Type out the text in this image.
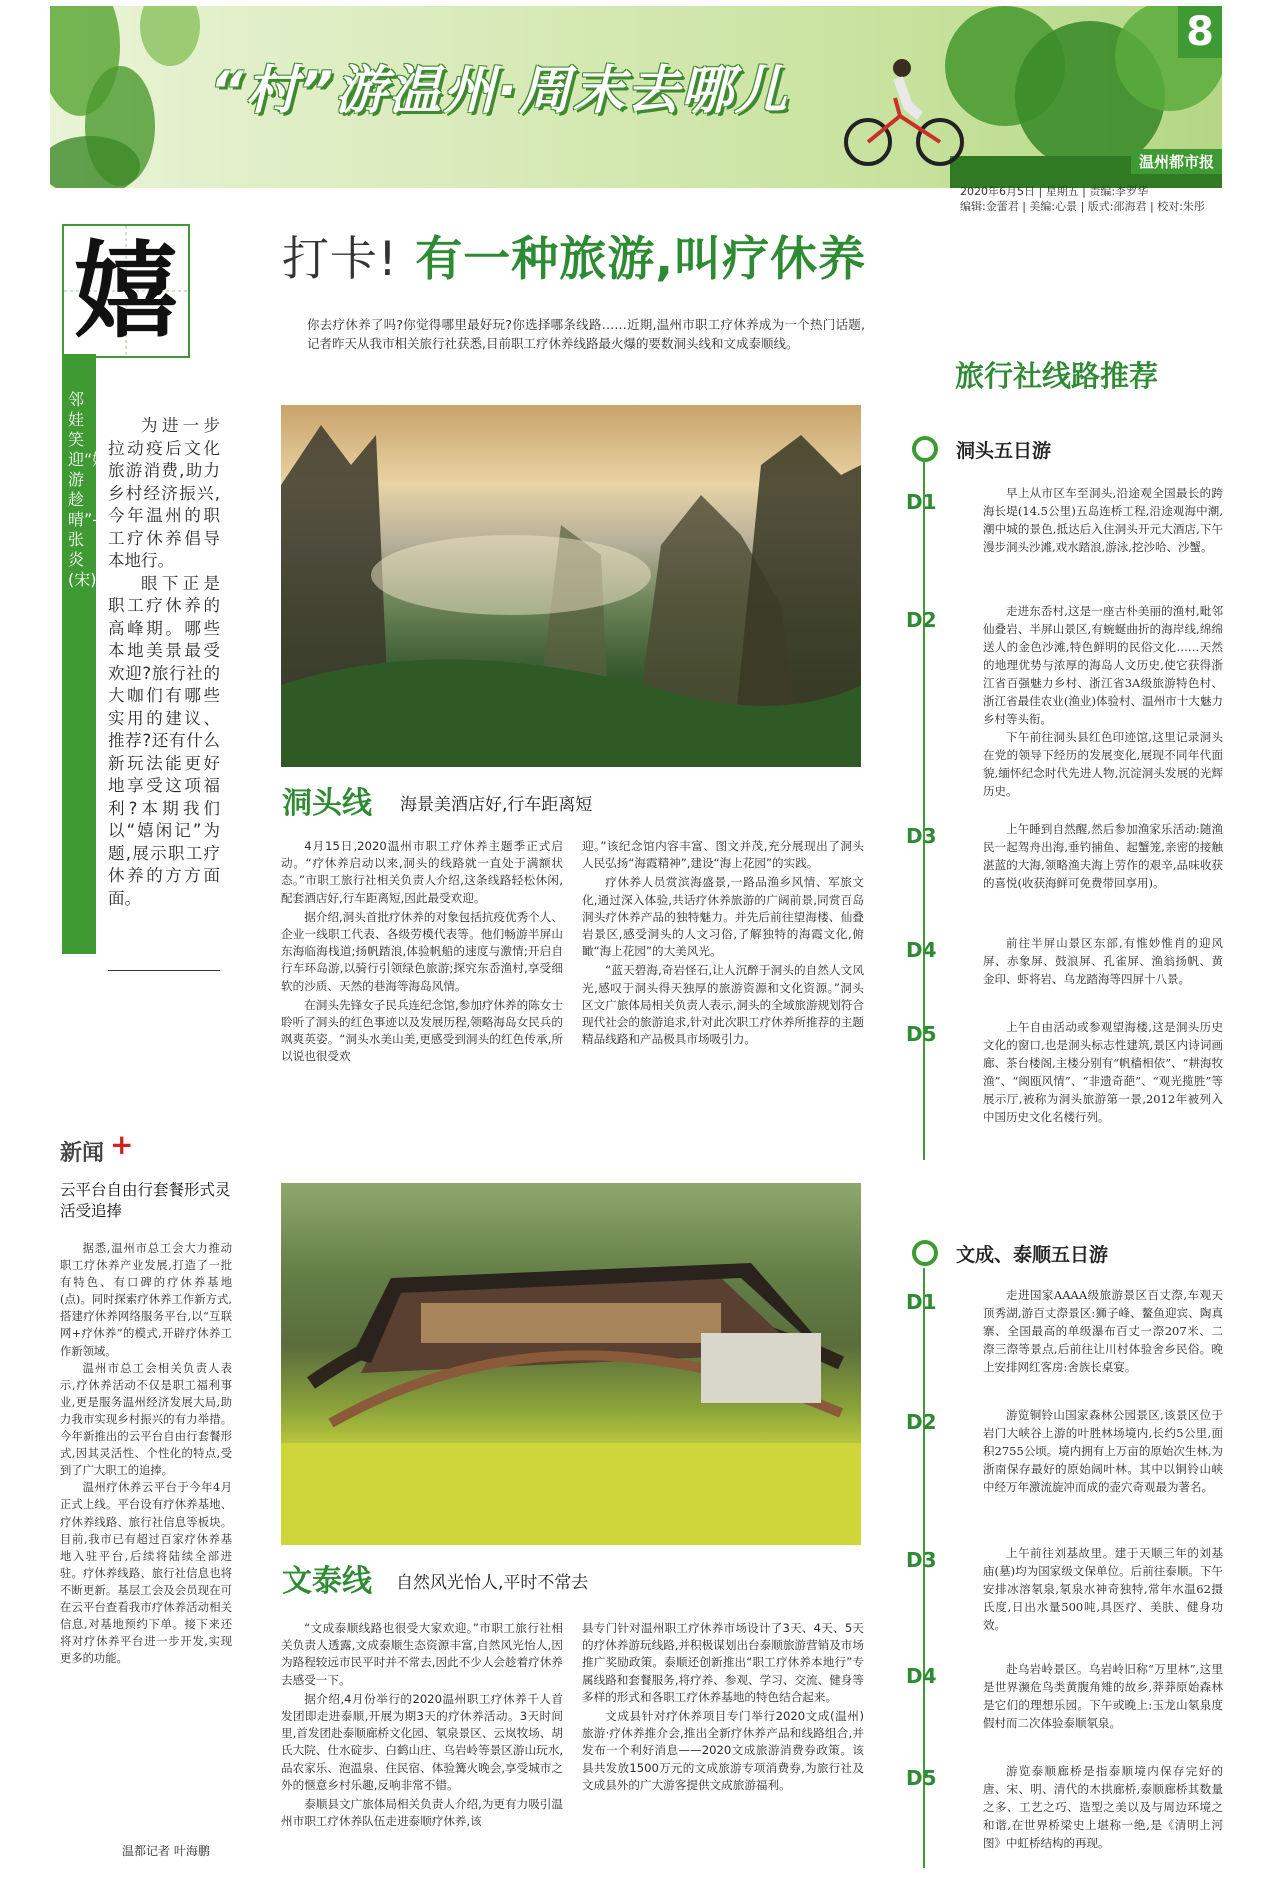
“村”游温州·周末去哪儿
8
温州都市报
2020年6月5日 | 星期五 | 责编:李罗华
编辑:金蕾君 | 美编:心景 | 版式:邵海君 | 校对:朱彤
嬉
邻娃笑迎“嬉游趁晴”——张炎(宋)

为进一步拉动疫后文化旅游消费,助力乡村经济振兴,今年温州的职工疗休养倡导本地行。

眼下正是职工疗休养的高峰期。哪些本地美景最受欢迎?旅行社的大咖们有哪些实用的建议、推荐?还有什么新玩法能更好地享受这项福利?本期我们以“嬉闲记”为题,展示职工疗休养的方方面面。

新闻 +
云平台自由行套餐形式灵活受追捧

据悉,温州市总工会大力推动职工疗休养产业发展,打造了一批有特色、有口碑的疗休养基地(点)。同时探索疗休养工作新方式,搭建疗休养网络服务平台,以“互联网+疗休养”的模式,开辟疗休养工作新领域。

温州市总工会相关负责人表示,疗休养活动不仅是职工福利事业,更是服务温州经济发展大局,助力我市实现乡村振兴的有力举措。今年新推出的云平台自由行套餐形式,因其灵活性、个性化的特点,受到了广大职工的追捧。

温州疗休养云平台于今年4月正式上线。平台设有疗休养基地、疗休养线路、旅行社信息等板块。目前,我市已有超过百家疗休养基地入驻平台,后续将陆续全部进驻。疗休养线路、旅行社信息也将不断更新。基层工会及会员现在可在云平台查看我市疗休养活动相关信息,对基地预约下单。接下来还将对疗休养平台进一步开发,实现更多的功能。

温都记者 叶海鹏
打卡! 有一种旅游,叫疗休养
你去疗休养了吗?你觉得哪里最好玩?你选择哪条线路……近期,温州市职工疗休养成为一个热门话题,记者昨天从我市相关旅行社获悉,目前职工疗休养线路最火爆的要数洞头线和文成泰顺线。
洞头线 海景美酒店好,行车距离短

4月15日,2020温州市职工疗休养主题季正式启动。“疗休养启动以来,洞头的线路就一直处于满额状态。”市职工旅行社相关负责人介绍,这条线路轻松休闲,配套酒店好,行车距离短,因此最受欢迎。

据介绍,洞头首批疗休养的对象包括抗疫优秀个人、企业一线职工代表、各级劳模代表等。他们畅游半屏山东海临海栈道;扬帆踏浪,体验帆船的速度与激情;开启自行车环岛游,以骑行引领绿色旅游;探究东岙渔村,享受细软的沙质、天然的巷海等海岛风情。

在洞头先锋女子民兵连纪念馆,参加疗休养的陈女士聆听了洞头的红色事迹以及发展历程,领略海岛女民兵的飒爽英姿。“洞头水美山美,更感受到洞头的红色传承,所以说也很受欢

迎。”该纪念馆内容丰富、图文并茂,充分展现出了洞头人民弘扬“海霞精神”,建设“海上花园”的实践。

疗休养人员赏滨海盛景,一路品渔乡风情、军旅文化,通过深入体验,共话疗休养旅游的广阔前景,同赏百岛洞头疗休养产品的独特魅力。并先后前往望海楼、仙叠岩景区,感受洞头的人文习俗,了解独特的海霞文化,俯瞰“海上花园”的大美风光。

“蓝天碧海,奇岩怪石,让人沉醉于洞头的自然人文风光,感叹于洞头得天独厚的旅游资源和文化资源。”洞头区文广旅体局相关负责人表示,洞头的全域旅游规划符合现代社会的旅游追求,针对此次职工疗休养所推荐的主题精品线路和产品极具市场吸引力。

文泰线 自然风光怡人,平时不常去

“文成泰顺线路也很受大家欢迎。”市职工旅行社相关负责人透露,文成泰顺生态资源丰富,自然风光怡人,因为路程较远市民平时并不常去,因此不少人会趁着疗休养去感受一下。

据介绍,4月份举行的2020温州职工疗休养千人首发团即走进泰顺,开展为期3天的疗休养活动。3天时间里,首发团赴泰顺廊桥文化园、氡泉景区、云岚牧场、胡氏大院、仕水碇步、白鹤山庄、乌岩岭等景区游山玩水,品农家乐、泡温泉、住民宿、体验篝火晚会,享受城市之外的惬意乡村乐趣,反响非常不错。

泰顺县文广旅体局相关负责人介绍,为更有力吸引温州市职工疗休养队伍走进泰顺疗休养,该

县专门针对温州职工疗休养市场设计了3天、4天、5天的疗休养游玩线路,并积极谋划出台泰顺旅游营销及市场推广奖励政策。泰顺还创新推出“职工疗休养本地行”专属线路和套餐服务,将疗养、参观、学习、交流、健身等多样的形式和各职工疗休养基地的特色结合起来。

文成县针对疗休养项目专门举行2020文成(温州)旅游·疗休养推介会,推出全新疗休养产品和线路组合,并发布一个利好消息——2020文成旅游消费券政策。该县共发放1500万元的文成旅游专项消费券,为旅行社及文成县外的广大游客提供文成旅游福利。

旅行社线路推荐
洞头五日游
D1	早上从市区车至洞头,沿途观全国最长的跨海长堤(14.5公里)五岛连桥工程,沿途观海中潮,潮中城的景色,抵达后入住洞头开元大酒店,下午漫步洞头沙滩,戏水踏浪,游泳,挖沙哈、沙蟹。

D2	走进东岙村,这是一座古朴美丽的渔村,毗邻仙叠岩、半屏山景区,有蜿蜒曲折的海岸线,绵绵送人的金色沙滩,特色鲜明的民俗文化……天然的地理优势与浓厚的海岛人文历史,使它获得浙江省百强魅力乡村、浙江省3A级旅游特色村、浙江省最佳农业(渔业)体验村、温州市十大魅力乡村等头衔。

下午前往洞头县红色印迹馆,这里记录洞头在党的领导下经历的发展变化,展现不同年代面貌,缅怀纪念时代先进人物,沉淀洞头发展的光辉历史。

D3	上午睡到自然醒,然后参加渔家乐活动:随渔民一起驾舟出海,垂钓捕鱼、起蟹笼,亲密的接触湛蓝的大海,领略渔夫海上劳作的艰辛,品味收获的喜悦(收获海鲜可免费带回享用)。

D4	前往半屏山景区东部,有惟妙惟肖的迎风屏、赤象屏、鼓浪屏、孔雀屏、渔翁扬帆、黄金印、虾将岩、乌龙踏海等四屏十八景。

D5	上午自由活动或参观望海楼,这是洞头历史文化的窗口,也是洞头标志性建筑,景区内诗词画廊、茶台楼阁,主楼分别有“帆樯相依”、“耕海牧渔”、“闽瓯风情”、“非遗奇葩”、“观光揽胜”等展示厅,被称为洞头旅游第一景,2012年被列入中国历史文化名楼行列。

文成、泰顺五日游
D1	走进国家AAAA级旅游景区百丈漈,车观天顶秀湖,游百丈漈景区:狮子峰、鳌鱼迎宾、陶真寨、全国最高的单级瀑布百丈一漈207米、二漈三漈等景点,后前往让川村体验舍乡民俗。晚上安排网红客房:舍族长桌宴。

D2	游览铜铃山国家森林公园景区,该景区位于岩门大峡谷上游的叶胜林场境内,长约5公里,面积2755公顷。境内拥有上万亩的原始次生林,为浙南保存最好的原始阔叶林。其中以铜铃山峡中经万年激流旋冲而成的壶穴奇观最为著名。

D3	上午前往刘基故里。建于天顺三年的刘基庙(墓)均为国家级文保单位。后前往泰顺。下午安排冰溶氡泉,氡泉水神奇独特,常年水温62摄氏度,日出水量500吨,具医疗、美肤、健身功效。

D4	赴乌岩岭景区。乌岩岭旧称“万里林”,这里是世界濒危鸟类黄腹角雉的故乡,莽莽原始森林是它们的理想乐园。下午或晚上:玉龙山氡泉度假村而二次体验泰顺氡泉。

D5	游览泰顺廊桥是指泰顺境内保存完好的唐、宋、明、清代的木拱廊桥,泰顺廊桥其数量之多、工艺之巧、造型之美以及与周边环境之和谐,在世界桥梁史上堪称一绝,是《清明上河图》中虹桥结构的再现。
